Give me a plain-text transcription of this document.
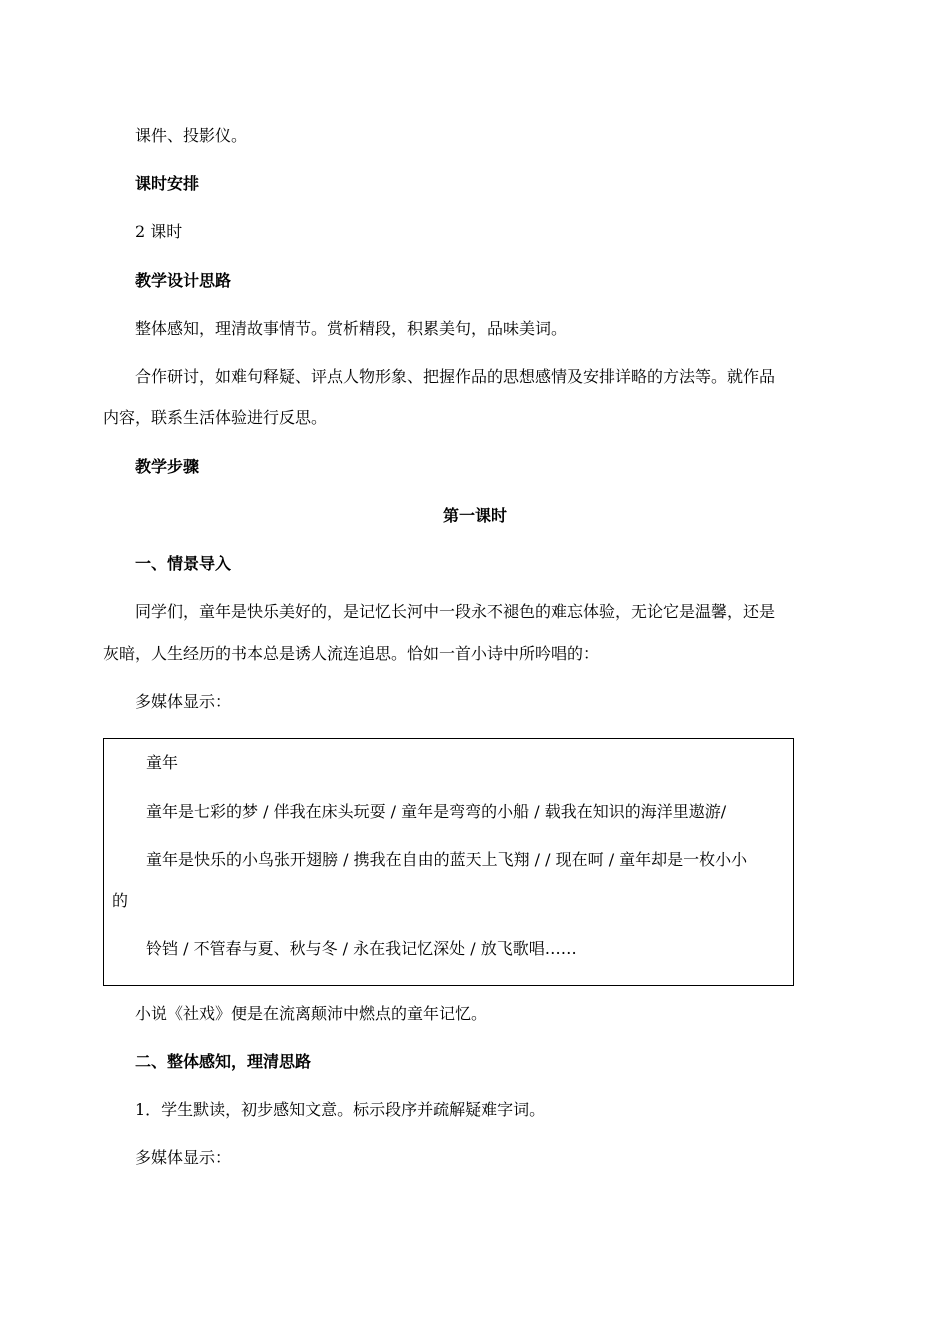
课件、投影仪。
课时安排
2 课时
教学设计思路
整体感知，理清故事情节。赏析精段，积累美句，品味美词。
合作研讨，如难句释疑、评点人物形象、把握作品的思想感情及安排详略的方法等。就作品
内容，联系生活体验进行反思。
教学步骤
第一课时
一、情景导入
同学们，童年是快乐美好的，是记忆长河中一段永不褪色的难忘体验，无论它是温馨，还是
灰暗，人生经历的书本总是诱人流连追思。恰如一首小诗中所吟唱的：
多媒体显示：
童年
童年是七彩的梦 / 伴我在床头玩耍 / 童年是弯弯的小船 / 载我在知识的海洋里遨游/
童年是快乐的小鸟张开翅膀 / 携我在自由的蓝天上飞翔 / / 现在呵 / 童年却是一枚小小
的
铃铛 / 不管春与夏、秋与冬 / 永在我记忆深处 / 放飞歌唱……
小说《社戏》便是在流离颠沛中燃点的童年记忆。
二、整体感知，理清思路
1．学生默读，初步感知文意。标示段序并疏解疑难字词。
多媒体显示：
